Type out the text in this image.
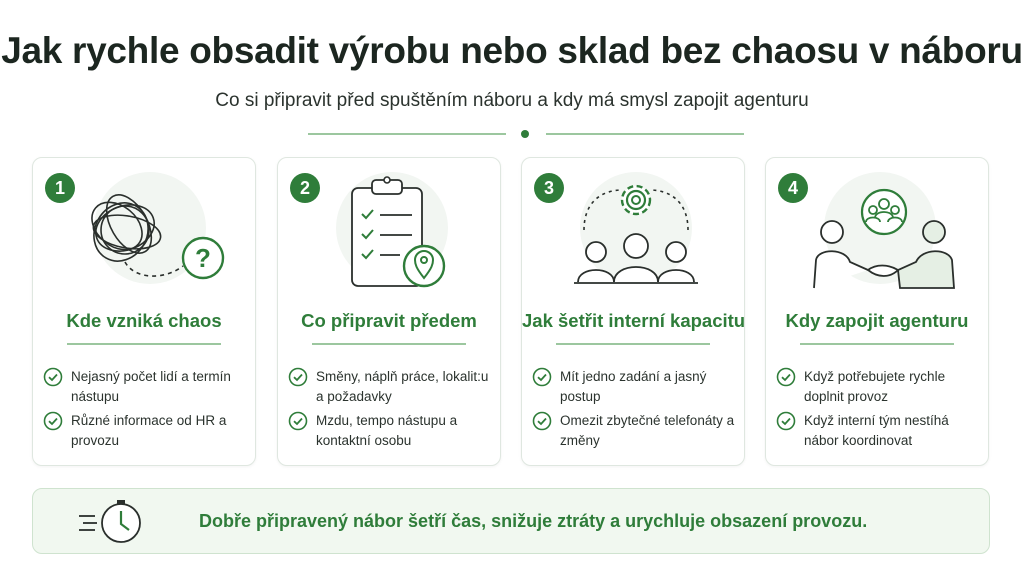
Jak rychle obsadit výrobu nebo sklad bez chaosu v náboru
Co si připravit před spuštěním náboru a kdy má smysl zapojit agenturu
?
1
Kde vzniká chaos
Nejasný počet lidí a termín nástupu
Různé informace od HR a provozu
2
Co připravit předem
Směny, náplň práce, lokalit:u a požadavky
Mzdu, tempo nástupu a kontaktní osobu
3
Jak šetřit interní kapacitu
Mít jedno zadání a jasný postup
Omezit zbytečné telefonáty a změny
4
Kdy zapojit agenturu
Když potřebujete rychle doplnit provoz
Když interní tým nestíhá nábor koordinovat
Dobře připravený nábor šetří čas, snižuje ztráty a urychluje obsazení provozu.
